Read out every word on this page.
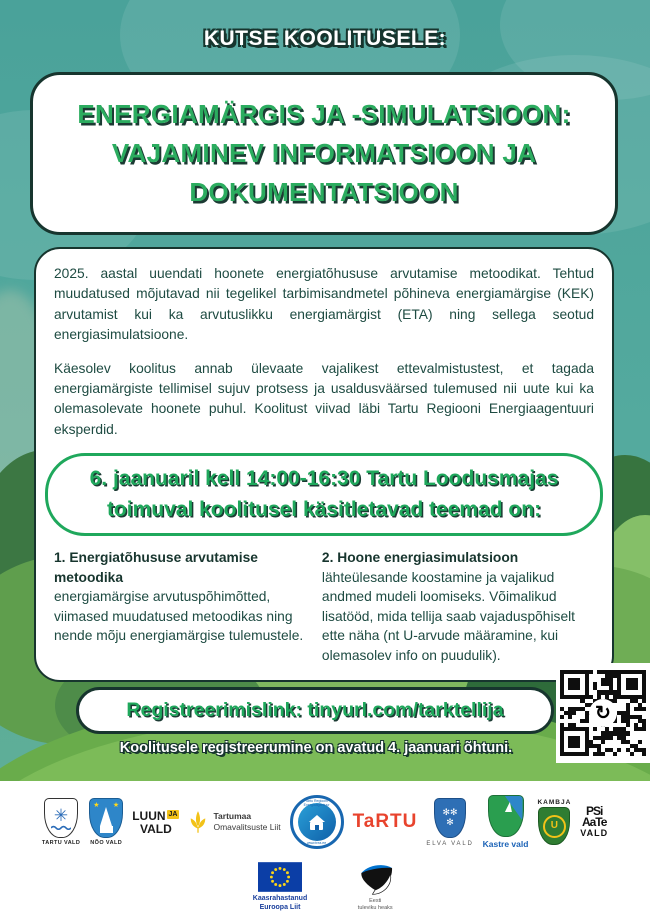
KUTSE KOOLITUSELE:
ENERGIAMÄRGIS JA -SIMULATSIOON:
VAJAMINEV INFORMATSIOON JA
DOKUMENTATSIOON

2025. aastal uuendati hoonete energiatõhususe arvutamise metoodikat. Tehtud muudatused mõjutavad nii tegelikel tarbimisandmetel põhineva energiamärgise (KEK) arvutamist kui ka arvutuslikku energiamärgist (ETA) ning sellega seotud energiasimulatsioone.

Käesolev koolitus annab ülevaate vajalikest ettevalmistustest, et tagada energiamärgiste tellimisel sujuv protsess ja usaldusväärsed tulemused nii uute kui ka olemasolevate hoonete puhul. Koolitust viivad läbi Tartu Regiooni Energiaagentuuri eksperdid.

6. jaanuaril kell 14:00-16:30 Tartu Loodusmajas toimuval koolitusel käsitletavad teemad on:
1. Energiatõhususe arvutamise metoodika
energiamärgise arvutuspõhimõtted, viimased muudatused metoodikas ning nende mõju energiamärgise tulemustele.
2. Hoone energiasimulatsioon
lähteülesande koostamine ja vajalikud andmed mudeli loomiseks. Võimalikud lisatööd, mida tellija saab vajaduspõhiselt ette näha (nt U-arvude määramine, kui olemasolev info on puudulik).
Registreerimislink: tinyurl.com/tarktellija
Koolitusele registreerumine on avatud 4. jaanuari õhtuni.
↻
✳
TARTU VALD
★ ★
NÕO VALD
LUUN JA
VALD
Tartumaa
Omavalitsuste Liit
Tartu Regiooni Energiaagentuur
www.trea.ee
TaRTU	✻✻
✻
ELVA VALD Kastre vald
KAMBJA
U
PSi
AaTe
VALD
Kaasrahastanud
Euroopa Liit
Eesti
tuleviku heaks
